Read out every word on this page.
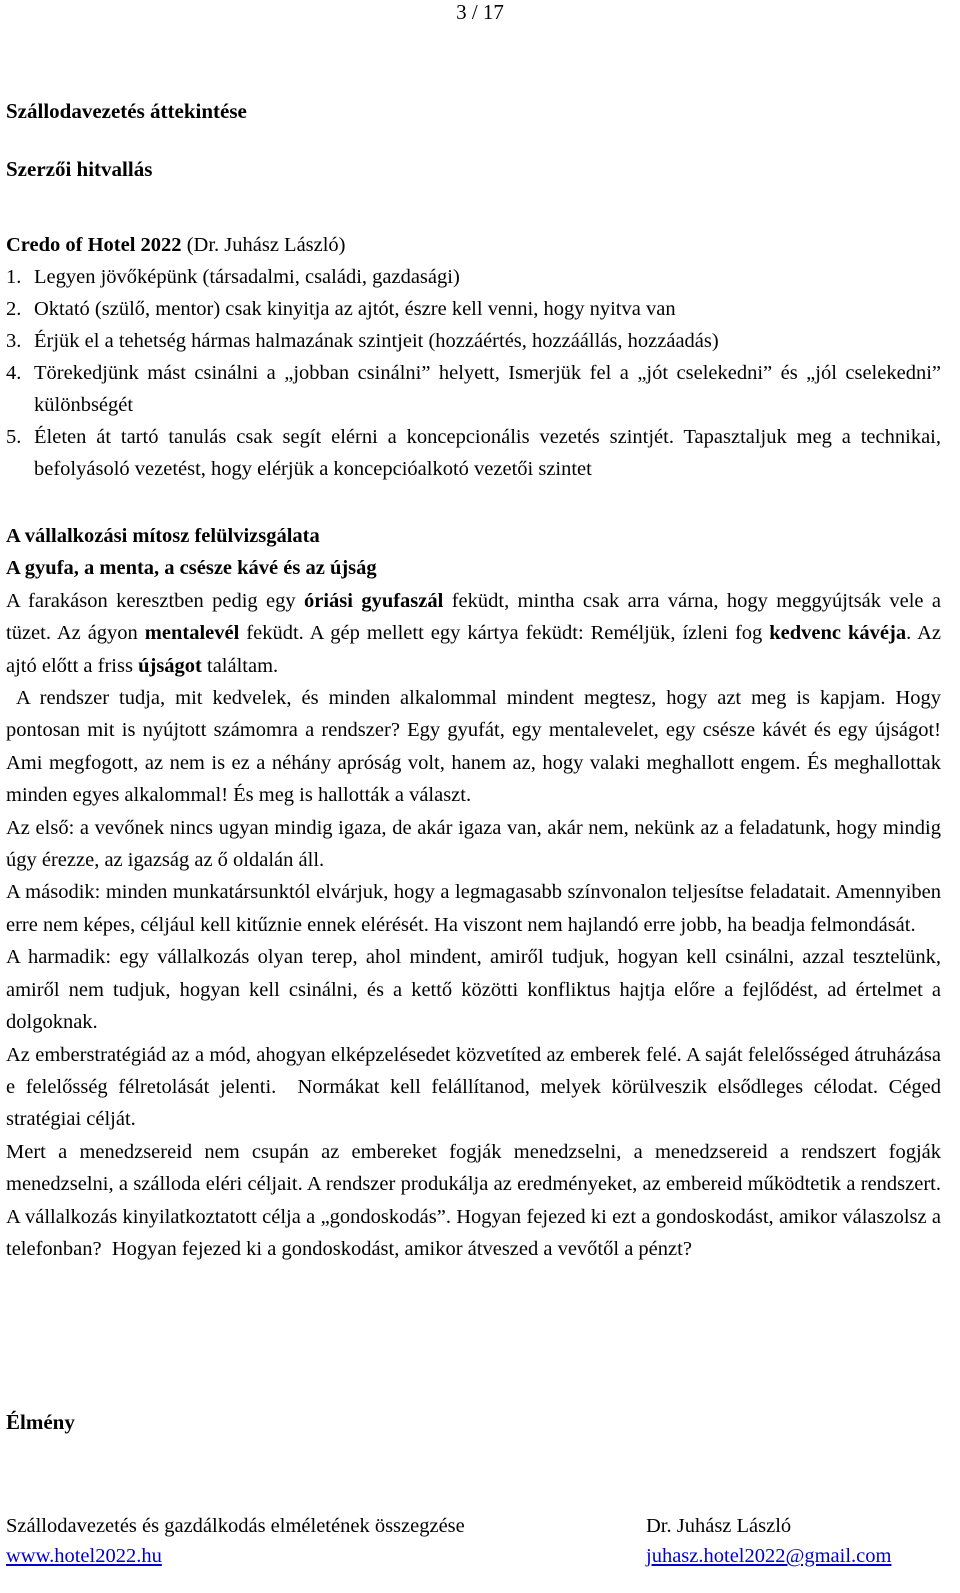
3 / 17
Szállodavezetés áttekintése
Szerzői hitvallás
Credo of Hotel 2022 (Dr. Juhász László)
1. Legyen jövőképünk (társadalmi, családi, gazdasági)
2. Oktató (szülő, mentor) csak kinyitja az ajtót, észre kell venni, hogy nyitva van
3. Érjük el a tehetség hármas halmazának szintjeit (hozzáértés, hozzáállás, hozzáadás)
4. Törekedjünk mást csinálni a „jobban csinálni” helyett, Ismerjük fel a „jót cselekedni” és „jól cselekedni” különbségét
5. Életen át tartó tanulás csak segít elérni a koncepcionális vezetés szintjét. Tapasztaljuk meg a technikai, befolyásoló vezetést, hogy elérjük a koncepcióalkotó vezetői szintet
A vállalkozási mítosz felülvizsgálata
A gyufa, a menta, a csésze kávé és az újság

A farakáson keresztben pedig egy óriási gyufaszál feküdt, mintha csak arra várna, hogy meggyújtsák vele a tüzet. Az ágyon mentalevél feküdt. A gép mellett egy kártya feküdt: Reméljük, ízleni fog kedvenc kávéja. Az ajtó előtt a friss újságot találtam.

A rendszer tudja, mit kedvelek, és minden alkalommal mindent megtesz, hogy azt meg is kapjam. Hogy pontosan mit is nyújtott számomra a rendszer? Egy gyufát, egy mentalevelet, egy csésze kávét és egy újságot! Ami megfogott, az nem is ez a néhány apróság volt, hanem az, hogy valaki meghallott engem. És meghallottak minden egyes alkalommal! És meg is hallották a választ.

Az első: a vevőnek nincs ugyan mindig igaza, de akár igaza van, akár nem, nekünk az a feladatunk, hogy mindig úgy érezze, az igazság az ő oldalán áll.

A második: minden munkatársunktól elvárjuk, hogy a legmagasabb színvonalon teljesítse feladatait. Amennyiben erre nem képes, céljául kell kitűznie ennek elérését. Ha viszont nem hajlandó erre jobb, ha beadja felmondását.

A harmadik: egy vállalkozás olyan terep, ahol mindent, amiről tudjuk, hogyan kell csinálni, azzal tesztelünk, amiről nem tudjuk, hogyan kell csinálni, és a kettő közötti konfliktus hajtja előre a fejlődést, ad értelmet a dolgoknak.

Az emberstratégiád az a mód, ahogyan elképzelésedet közvetíted az emberek felé. A saját felelősséged átruházása e felelősség félretolását jelenti.  Normákat kell felállítanod, melyek körülveszik elsődleges célodat. Céged stratégiai célját.

Mert a menedzsereid nem csupán az embereket fogják menedzselni, a menedzsereid a rendszert fogják menedzselni, a szálloda eléri céljait. A rendszer produkálja az eredményeket, az embereid működtetik a rendszert. A vállalkozás kinyilatkoztatott célja a „gondoskodás”. Hogyan fejezed ki ezt a gondoskodást, amikor válaszolsz a telefonban?  Hogyan fejezed ki a gondoskodást, amikor átveszed a vevőtől a pénzt?

Élmény
Szállodavezetés és gazdálkodás elméletének összegzése	Dr. Juhász László
www.hotel2022.hu	juhasz.hotel2022@gmail.com
